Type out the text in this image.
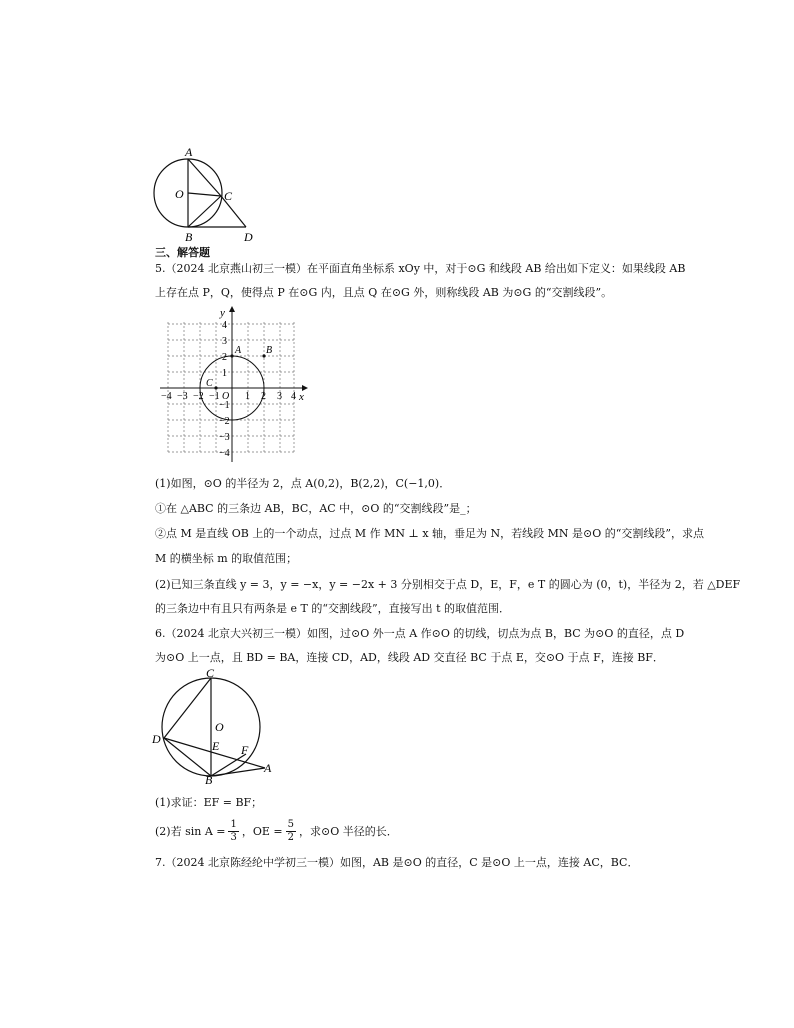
A
O	C
B	D
三、解答题
5.（2024 北京燕山初三一模）在平面直角坐标系 xOy 中，对于⊙G 和线段 AB 给出如下定义：如果线段 AB
上存在点 P，Q，使得点 P 在⊙G 内，且点 Q 在⊙G 外，则称线段 AB 为⊙G 的“交割线段”。
y
x
O
A B
C
−4 −3 −2 −1	1 2 3 4
4
3
2
1
−1
−2
−3
−4
(1)如图，⊙O 的半径为 2，点 A(0,2)，B(2,2)，C(−1,0)．
①在 △ABC 的三条边 AB，BC，AC 中，⊙O 的“交割线段”是_；
②点 M 是直线 OB 上的一个动点，过点 M 作 MN ⊥ x 轴，垂足为 N，若线段 MN 是⊙O 的“交割线段”，求点
M 的横坐标 m 的取值范围；
(2)已知三条直线 y = 3，y = −x，y = −2x + 3 分别相交于点 D，E，F，e T 的圆心为 (0，t)，半径为 2，若 △DEF
的三条边中有且只有两条是 e T 的“交割线段”，直接写出 t 的取值范围．
6.（2024 北京大兴初三一模）如图，过⊙O 外一点 A 作⊙O 的切线，切点为点 B，BC 为⊙O 的直径，点 D
为⊙O 上一点，且 BD = BA，连接 CD，AD，线段 AD 交直径 BC 于点 E，交⊙O 于点 F，连接 BF．
C
O
D	E F
B
A
(1)求证：EF = BF；
(2)若 $\sin A = \frac{1}{3}$ ，OE = $\frac{5}{2}$ ，求⊙O 半径的长．
7.（2024 北京陈经纶中学初三一模）如图，AB 是⊙O 的直径，C 是⊙O 上一点，连接 AC，BC．
